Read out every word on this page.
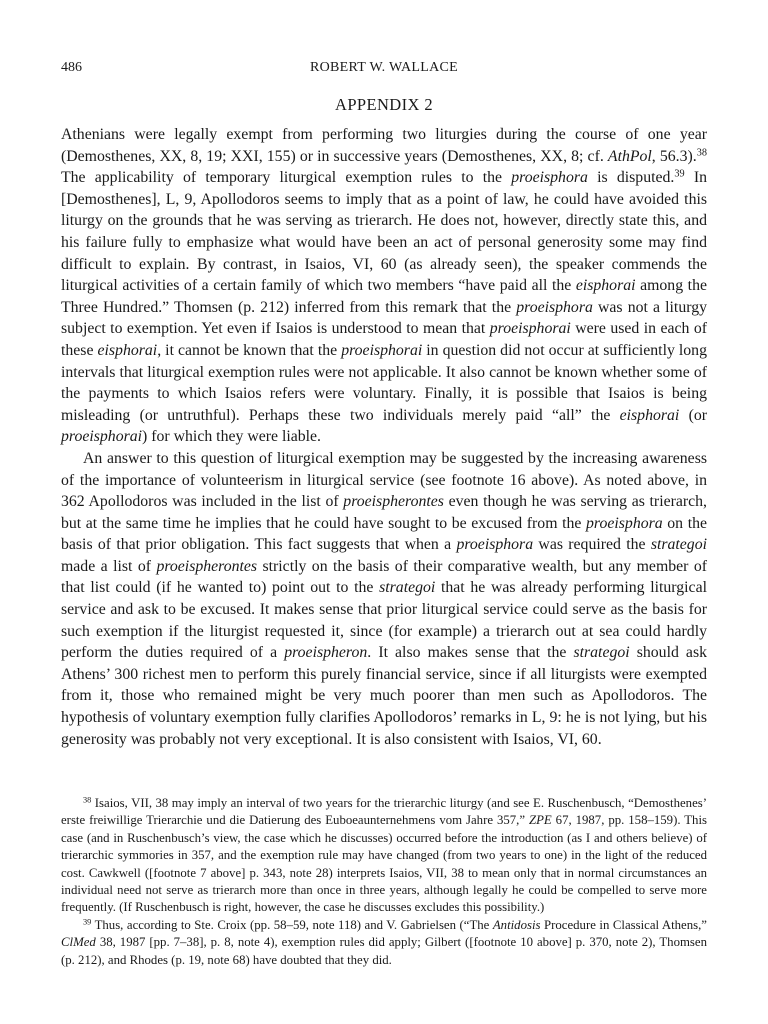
486	ROBERT W. WALLACE
APPENDIX 2

Athenians were legally exempt from performing two liturgies during the course of one year (Demosthenes, XX, 8, 19; XXI, 155) or in successive years (Demosthenes, XX, 8; cf. AthPol, 56.3).$^{38}$ The applicability of temporary liturgical exemption rules to the proeisphora is disputed.$^{39}$ In [Demosthenes], L, 9, Apollodoros seems to imply that as a point of law, he could have avoided this liturgy on the grounds that he was serving as trierarch. He does not, however, directly state this, and his failure fully to emphasize what would have been an act of personal generosity some may find difficult to explain. By contrast, in Isaios, VI, 60 (as already seen), the speaker commends the liturgical activities of a certain family of which two members “have paid all the eisphorai among the Three Hundred.” Thomsen (p. 212) inferred from this remark that the proeisphora was not a liturgy subject to exemption. Yet even if Isaios is understood to mean that proeisphorai were used in each of these eisphorai, it cannot be known that the proeisphorai in question did not occur at sufficiently long intervals that liturgical exemption rules were not applicable. It also cannot be known whether some of the payments to which Isaios refers were voluntary. Finally, it is possible that Isaios is being misleading (or untruthful). Perhaps these two individuals merely paid “all” the eisphorai (or proeisphorai) for which they were liable.

An answer to this question of liturgical exemption may be suggested by the increasing awareness of the importance of volunteerism in liturgical service (see footnote 16 above). As noted above, in 362 Apollodoros was included in the list of proeispherontes even though he was serving as trierarch, but at the same time he implies that he could have sought to be excused from the proeisphora on the basis of that prior obligation. This fact suggests that when a proeisphora was required the strategoi made a list of proeispherontes strictly on the basis of their comparative wealth, but any member of that list could (if he wanted to) point out to the strategoi that he was already performing liturgical service and ask to be excused. It makes sense that prior liturgical service could serve as the basis for such exemption if the liturgist requested it, since (for example) a trierarch out at sea could hardly perform the duties required of a proeispheron. It also makes sense that the strategoi should ask Athens’ 300 richest men to perform this purely financial service, since if all liturgists were exempted from it, those who remained might be very much poorer than men such as Apollodoros. The hypothesis of voluntary exemption fully clarifies Apollodoros’ remarks in L, 9: he is not lying, but his generosity was probably not very exceptional. It is also consistent with Isaios, VI, 60.

$^{38}$ Isaios, VII, 38 may imply an interval of two years for the trierarchic liturgy (and see E. Ruschenbusch, “Demosthenes’ erste freiwillige Trierarchie und die Datierung des Euboeaunternehmens vom Jahre 357,” ZPE 67, 1987, pp. 158–159). This case (and in Ruschenbusch’s view, the case which he discusses) occurred before the introduction (as I and others believe) of trierarchic symmories in 357, and the exemption rule may have changed (from two years to one) in the light of the reduced cost. Cawkwell ([footnote 7 above] p. 343, note 28) interprets Isaios, VII, 38 to mean only that in normal circumstances an individual need not serve as trierarch more than once in three years, although legally he could be compelled to serve more frequently. (If Ruschenbusch is right, however, the case he discusses excludes this possibility.)

$^{39}$ Thus, according to Ste. Croix (pp. 58–59, note 118) and V. Gabrielsen (“The Antidosis Procedure in Classical Athens,” ClMed 38, 1987 [pp. 7–38], p. 8, note 4), exemption rules did apply; Gilbert ([footnote 10 above] p. 370, note 2), Thomsen (p. 212), and Rhodes (p. 19, note 68) have doubted that they did.
